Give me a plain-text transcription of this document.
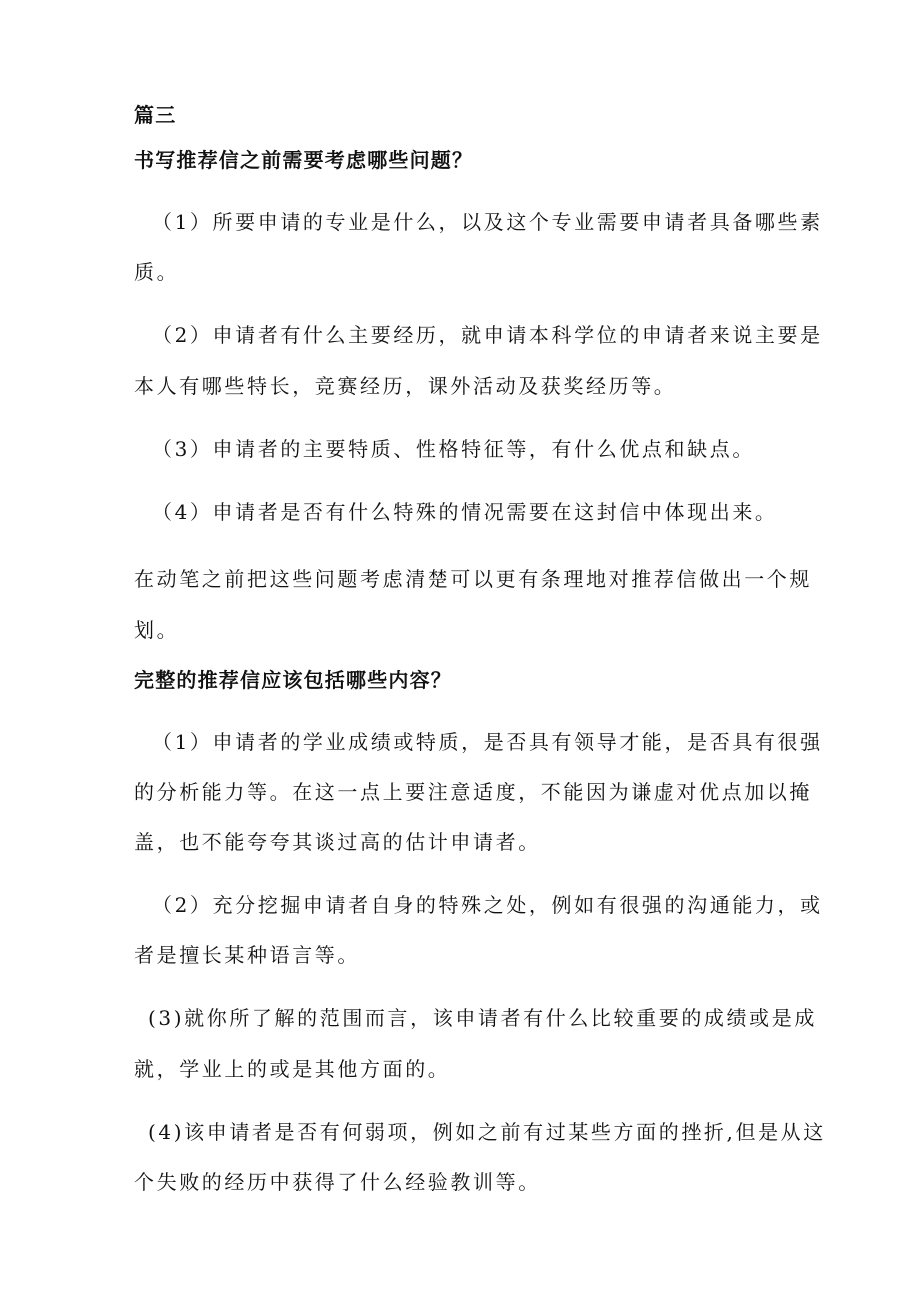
篇三
书写推荐信之前需要考虑哪些问题？
（1）所要申请的专业是什么，以及这个专业需要申请者具备哪些素
质。
（2）申请者有什么主要经历，就申请本科学位的申请者来说主要是
本人有哪些特长，竞赛经历，课外活动及获奖经历等。
（3）申请者的主要特质、性格特征等，有什么优点和缺点。
（4）申请者是否有什么特殊的情况需要在这封信中体现出来。
在动笔之前把这些问题考虑清楚可以更有条理地对推荐信做出一个规
划。
完整的推荐信应该包括哪些内容？
（1）申请者的学业成绩或特质，是否具有领导才能，是否具有很强
的分析能力等。在这一点上要注意适度，不能因为谦虚对优点加以掩
盖，也不能夸夸其谈过高的估计申请者。
（2）充分挖掘申请者自身的特殊之处，例如有很强的沟通能力，或
者是擅长某种语言等。
(3)就你所了解的范围而言，该申请者有什么比较重要的成绩或是成
就，学业上的或是其他方面的。
(4)该申请者是否有何弱项，例如之前有过某些方面的挫折,但是从这
个失败的经历中获得了什么经验教训等。
